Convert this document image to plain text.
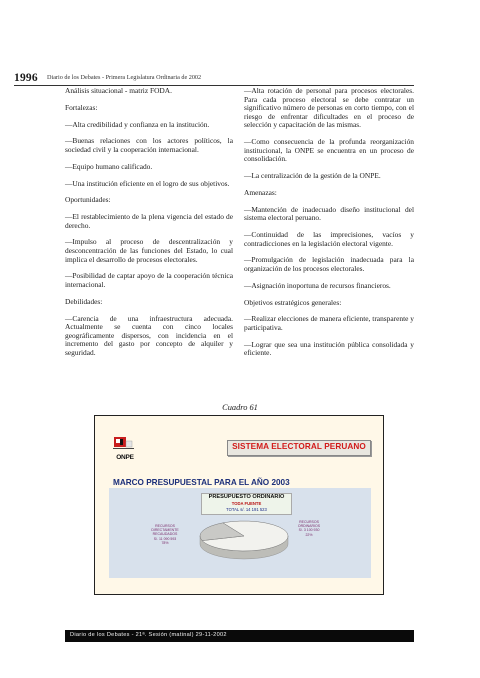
1996 Diario de los Debates - Primera Legislatura Ordinaria de 2002

Análisis situacional - matriz FODA.

Fortalezas:

—Alta credibilidad y confianza en la institución.

—Buenas relaciones con los actores políticos, la sociedad civil y la cooperación internacional.

—Equipo humano calificado.

—Una institución eficiente en el logro de sus objetivos.

Oportunidades:

—El restablecimiento de la plena vigencia del estado de derecho.

—Impulso al proceso de descentralización y desconcentración de las funciones del Estado, lo cual implica el desarrollo de procesos electorales.

—Posibilidad de captar apoyo de la cooperación técnica internacional.

Debilidades:

—Carencia de una infraestructura adecuada. Actualmente se cuenta con cinco locales geográficamente dispersos, con incidencia en el incremento del gasto por concepto de alquiler y seguridad.

—Alta rotación de personal para procesos electorales. Para cada proceso electoral se debe contratar un significativo número de personas en corto tiempo, con el riesgo de enfrentar dificultades en el proceso de selección y capacitación de las mismas.

—Como consecuencia de la profunda reorganización institucional, la ONPE se encuentra en un proceso de consolidación.

—La centralización de la gestión de la ONPE.

Amenazas:

—Mantención de inadecuado diseño institucional del sistema electoral peruano.

—Continuidad de las imprecisiones, vacíos y contradicciones en la legislación electoral vigente.

—Promulgación de legislación inadecuada para la organización de los procesos electorales.

—Asignación inoportuna de recursos financieros.

Objetivos estratégicos generales:

—Realizar elecciones de manera eficiente, transparente y participativa.

—Lograr que sea una institución pública consolidada y eficiente.

Cuadro 61
ONPE
SISTEMA ELECTORAL PERUANO
MARCO PRESUPUESTAL PARA EL AÑO 2003
PRESUPUESTO ORDINARIO
TODA FUENTE
TOTAL s/. 14 191 523
RECURSOS
DIRECTAMENTE
RECAUDADOS
S/. 11 090 593
78%
RECURSOS
ORDINARIOS
S/. 3 100 930
22%
Diario de los Debates - 21ª. Sesión (matinal) 29-11-2002
